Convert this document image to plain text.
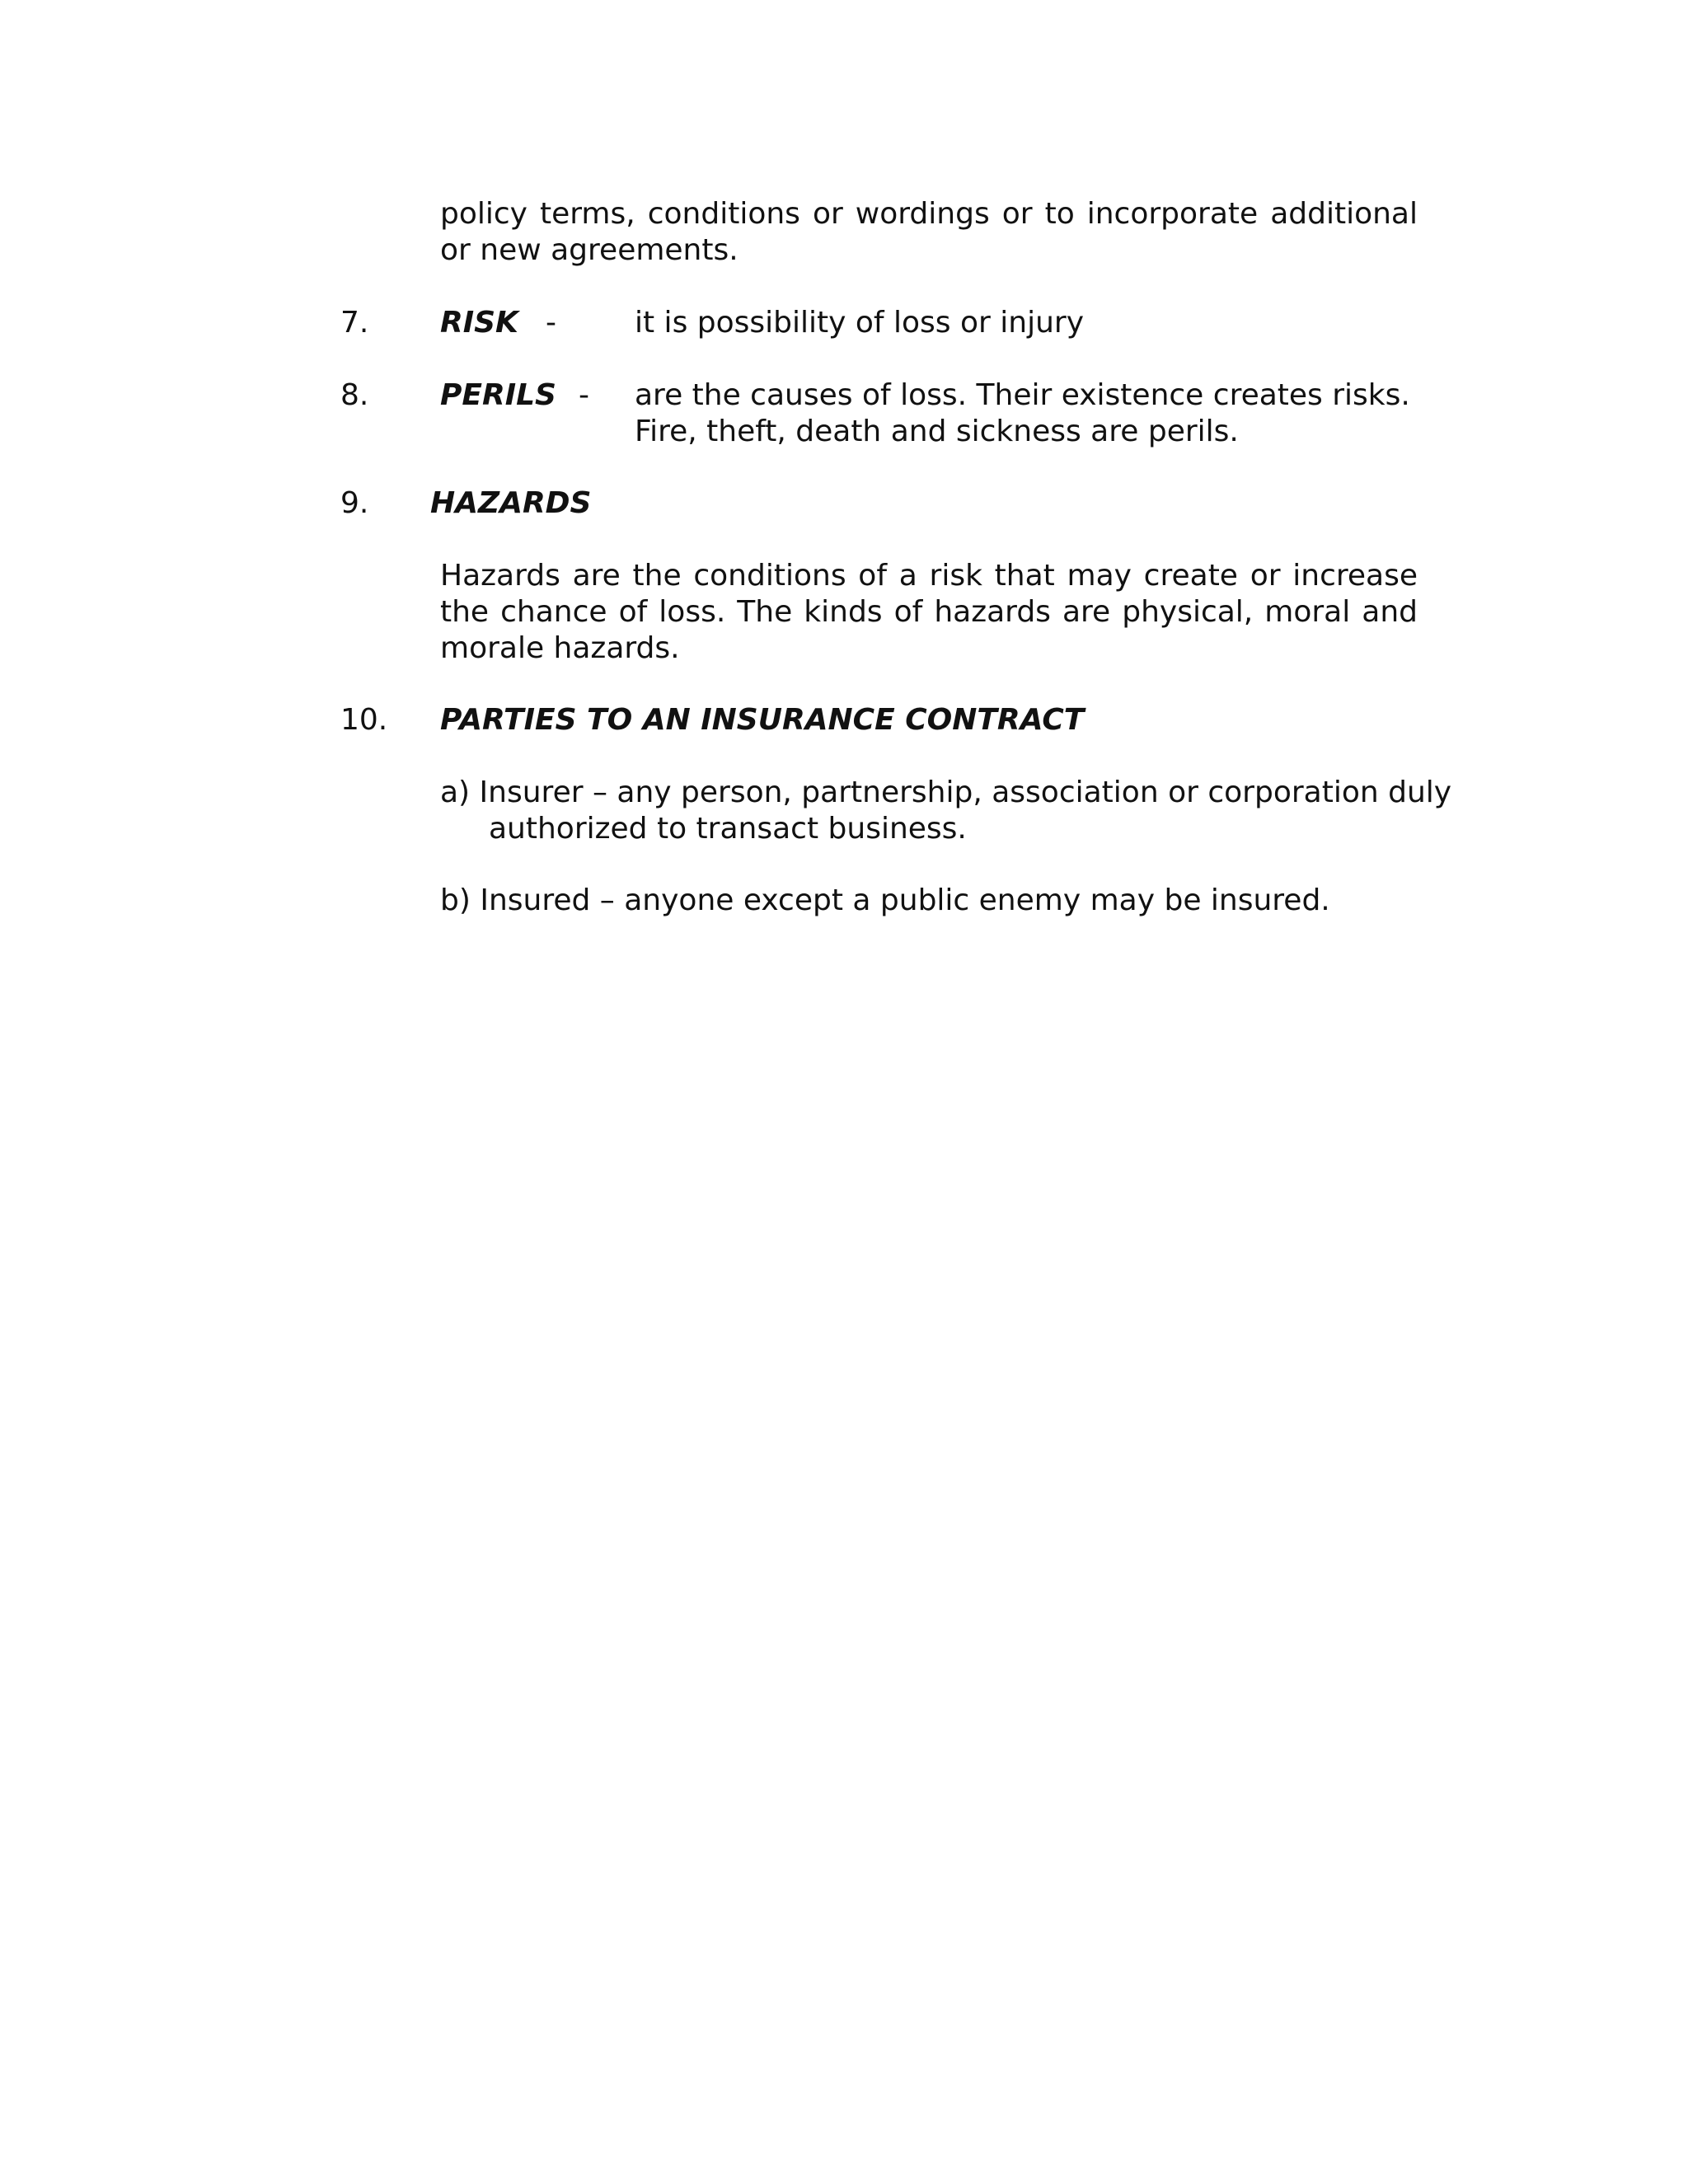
policy terms, conditions or wordings or to incorporate additional or new agreements.
7. RISK -	it is possibility of loss or injury
8. PERILS - are the causes of loss. Their existence creates risks.
Fire, theft, death and sickness are perils.
9. HAZARDS
Hazards are the conditions of a risk that may create or increase the chance of loss. The kinds of hazards are physical, moral and morale hazards.
10. PARTIES TO AN INSURANCE CONTRACT
a) Insurer – any person, partnership, association or corporation duly
authorized to transact business.
b) Insured – anyone except a public enemy may be insured.
